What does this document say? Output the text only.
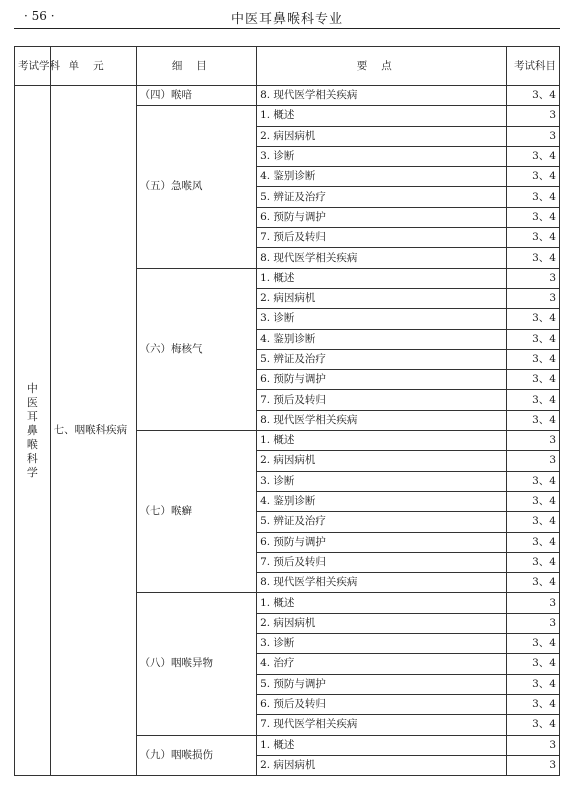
· 56 ·	中医耳鼻喉科专业
考试学科	单元	细目	要点	考试科目
中医耳鼻喉科学	七、咽喉科疾病	（四）喉喑	8. 现代医学相关疾病	3、4
		（五）急喉风	1. 概述	3
			2. 病因病机	3
			3. 诊断	3、4
			4. 鉴别诊断	3、4
			5. 辨证及治疗	3、4
			6. 预防与调护	3、4
			7. 预后及转归	3、4
			8. 现代医学相关疾病	3、4
		（六）梅核气	1. 概述	3
			2. 病因病机	3
			3. 诊断	3、4
			4. 鉴别诊断	3、4
			5. 辨证及治疗	3、4
			6. 预防与调护	3、4
			7. 预后及转归	3、4
			8. 现代医学相关疾病	3、4
		（七）喉癣	1. 概述	3
			2. 病因病机	3
			3. 诊断	3、4
			4. 鉴别诊断	3、4
			5. 辨证及治疗	3、4
			6. 预防与调护	3、4
			7. 预后及转归	3、4
			8. 现代医学相关疾病	3、4
		（八）咽喉异物	1. 概述	3
			2. 病因病机	3
			3. 诊断	3、4
			4. 治疗	3、4
			5. 预防与调护	3、4
			6. 预后及转归	3、4
			7. 现代医学相关疾病	3、4
		（九）咽喉损伤	1. 概述	3
			2. 病因病机	3
